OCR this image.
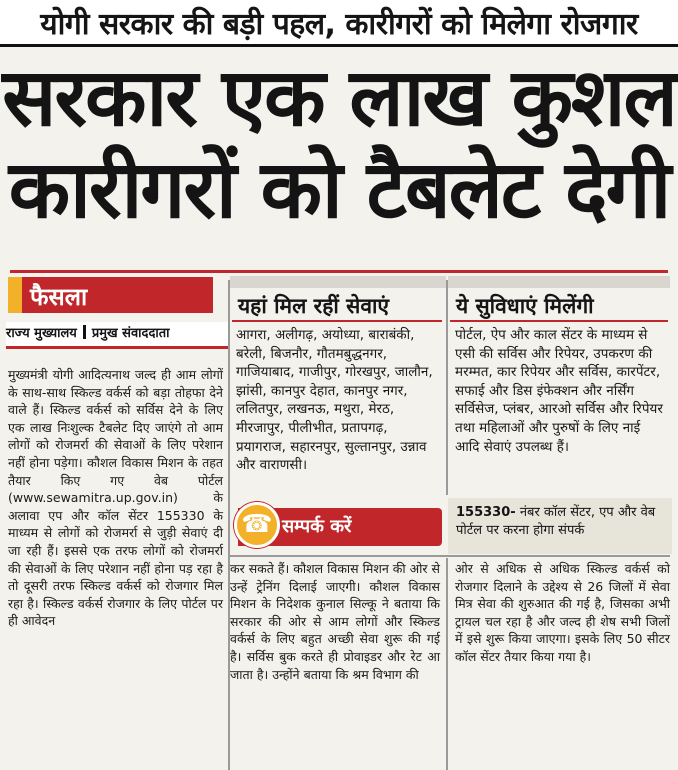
योगी सरकार की बड़ी पहल, कारीगरों को मिलेगा रोजगार
सरकार एक लाख कुशल
कारीगरों को टैबलेट देगी
फैसला
राज्य मुख्यालय प्रमुख संवाददाता
मुख्यमंत्री योगी आदित्यनाथ जल्द ही आम लोगों के साथ-साथ स्किल्ड वर्कर्स को बड़ा तोहफा देने वाले हैं। स्किल्ड वर्कर्स को सर्विस देने के लिए एक लाख निःशुल्क टैबलेट दिए जाएंगे तो आम लोगों को रोजमर्रा की सेवाओं के लिए परेशान नहीं होना पड़ेगा। कौशल विकास मिशन के तहत तैयार किए गए वेब पोर्टल (www.sewamitra.up.gov.in) के अलावा एप और कॉल सेंटर 155330 के माध्यम से लोगों को रोजमर्रा से जुड़ी सेवाएं दी जा रही हैं। इससे एक तरफ लोगों को रोजमर्रा की सेवाओं के लिए परेशान नहीं होना पड़ रहा है तो दूसरी तरफ स्किल्ड वर्कर्स को रोजगार मिल रहा है। स्किल्ड वर्कर्स रोजगार के लिए पोर्टल पर ही आवेदन
यहां मिल रहीं सेवाएं
आगरा, अलीगढ़, अयोध्या, बाराबंकी, बरेली, बिजनौर, गौतमबुद्धनगर, गाजियाबाद, गाजीपुर, गोरखपुर, जालौन, झांसी, कानपुर देहात, कानपुर नगर, ललितपुर, लखनऊ, मथुरा, मेरठ, मीरजापुर, पीलीभीत, प्रतापगढ़, प्रयागराज, सहारनपुर, सुल्तानपुर, उन्नाव और वाराणसी।
ये सुविधाएं मिलेंगी
पोर्टल, ऐप और काल सेंटर के माध्यम से एसी की सर्विस और रिपेयर, उपकरण की मरम्मत, कार रिपेयर और सर्विस, कारपेंटर, सफाई और डिस इंफेक्शन और नर्सिंग सर्विसेज, प्लंबर, आरओ सर्विस और रिपेयर तथा महिलाओं और पुरुषों के लिए नाई आदि सेवाएं उपलब्ध हैं।
☎ सम्पर्क करें
155330- नंबर कॉल सेंटर, एप और वेब पोर्टल पर करना होगा संपर्क
कर सकते हैं। कौशल विकास मिशन की ओर से उन्हें ट्रेनिंग दिलाई जाएगी। कौशल विकास मिशन के निदेशक कुनाल सिल्कू ने बताया कि सरकार की ओर से आम लोगों और स्किल्ड वर्कर्स के लिए बहुत अच्छी सेवा शुरू की गई है। सर्विस बुक करते ही प्रोवाइडर और रेट आ जाता है। उन्होंने बताया कि श्रम विभाग की
ओर से अधिक से अधिक स्किल्ड वर्कर्स को रोजगार दिलाने के उद्देश्य से 26 जिलों में सेवा मित्र सेवा की शुरुआत की गई है, जिसका अभी ट्रायल चल रहा है और जल्द ही शेष सभी जिलों में इसे शुरू किया जाएगा। इसके लिए 50 सीटर कॉल सेंटर तैयार किया गया है।
